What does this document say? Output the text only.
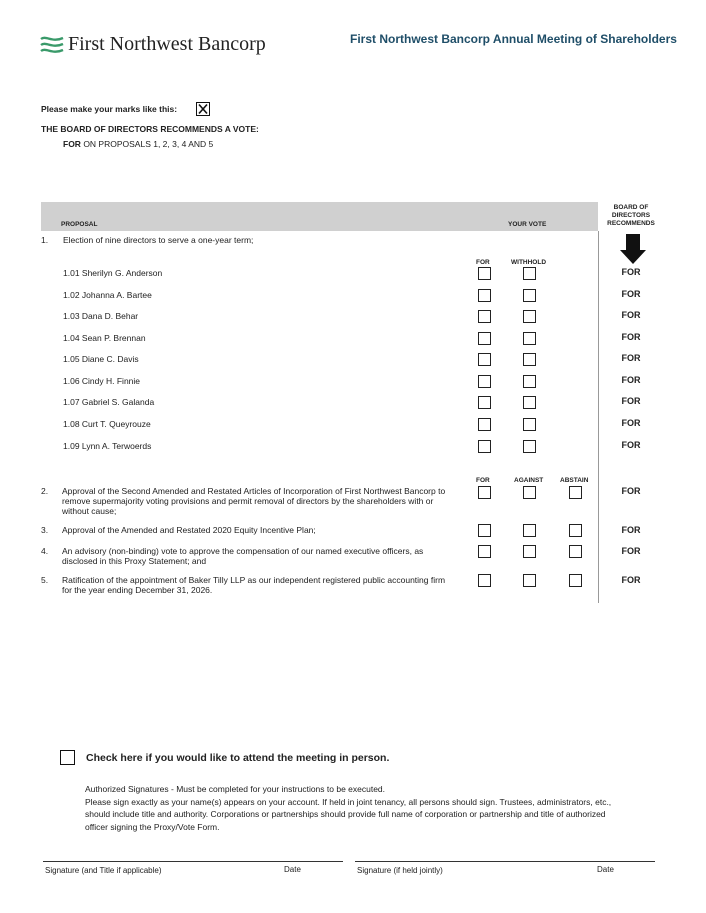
First Northwest Bancorp	First Northwest Bancorp Annual Meeting of Shareholders
Please make your marks like this:
THE BOARD OF DIRECTORS RECOMMENDS A VOTE:
FOR ON PROPOSALS 1, 2, 3, 4 AND 5
PROPOSAL	YOUR VOTE
BOARD OF DIRECTORS RECOMMENDS
1. Election of nine directors to serve a one-year term;
FOR	WITHHOLD
1.01 Sherilyn G. Anderson	FOR
1.02 Johanna A. Bartee	FOR
1.03 Dana D. Behar	FOR
1.04 Sean P. Brennan	FOR
1.05 Diane C. Davis	FOR
1.06 Cindy H. Finnie	FOR
1.07 Gabriel S. Galanda	FOR
1.08 Curt T. Queyrouze	FOR
1.09 Lynn A. Terwoerds	FOR
FOR	AGAINST	ABSTAIN
2. Approval of the Second Amended and Restated Articles of Incorporation of First Northwest Bancorp to remove supermajority voting provisions and permit removal of directors by the shareholders with or without cause;
FOR
3. Approval of the Amended and Restated 2020 Equity Incentive Plan;	FOR
4. An advisory (non-binding) vote to approve the compensation of our named executive officers, as disclosed in this Proxy Statement; and
FOR
5. Ratification of the appointment of Baker Tilly LLP as our independent registered public accounting firm for the year ending December 31, 2026.
FOR
Check here if you would like to attend the meeting in person.
Authorized Signatures - Must be completed for your instructions to be executed.
Please sign exactly as your name(s) appears on your account. If held in joint tenancy, all persons should sign. Trustees, administrators, etc., should include title and authority. Corporations or partnerships should provide full name of corporation or partnership and title of authorized officer signing the Proxy/Vote Form.
Signature (and Title if applicable)	Date	Signature (if held jointly)	Date
